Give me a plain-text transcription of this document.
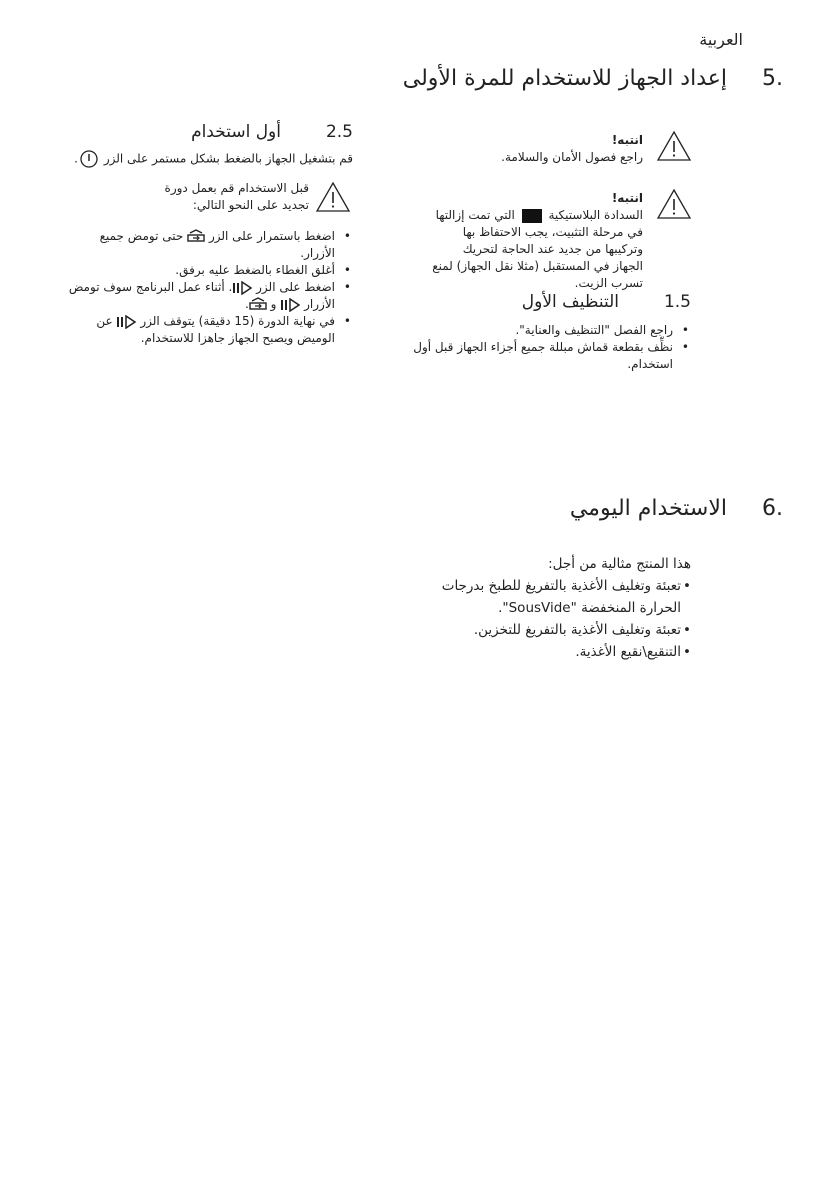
العربية
5.
إعداد الجهاز للاستخدام للمرة الأولى
انتبه!
راجع فصول الأمان والسلامة.
انتبه!
السدادة البلاستيكية  التي تمت إزالتها في مرحلة التثبيت، يجب الاحتفاظ بها وتركيبها من جديد عند الحاجة لتحريك الجهاز في المستقبل (مثلا نقل الجهاز) لمنع تسرب الزيت.
1.5
التنظيف الأول
• راجع الفصل "التنظيف والعناية".
• نظِّف بقطعة قماش مبللة جميع أجزاء الجهاز قبل أول استخدام.
2.5
أول استخدام
قم بتشغيل الجهاز بالضغط بشكل مستمر على الزر .
قبل الاستخدام قم بعمل دورة تجديد على النحو التالي:
• اضغط باستمرار على الزر  حتى تومض جميع الأزرار.
• أغلق الغطاء بالضغط عليه برفق.
• اضغط على الزر . أثناء عمل البرنامج سوف تومض الأزرار  و .
• في نهاية الدورة (15 دقيقة) يتوقف الزر  عن الوميض ويصبح الجهاز جاهزا للاستخدام.
6.
الاستخدام اليومي
هذا المنتج مثالية من أجل:
• تعبئة وتغليف الأغذية بالتفريغ للطبخ بدرجات الحرارة المنخفضة "SousVide".
• تعبئة وتغليف الأغذية بالتفريغ للتخزين.
• التنقيع\نقيع الأغذية.
